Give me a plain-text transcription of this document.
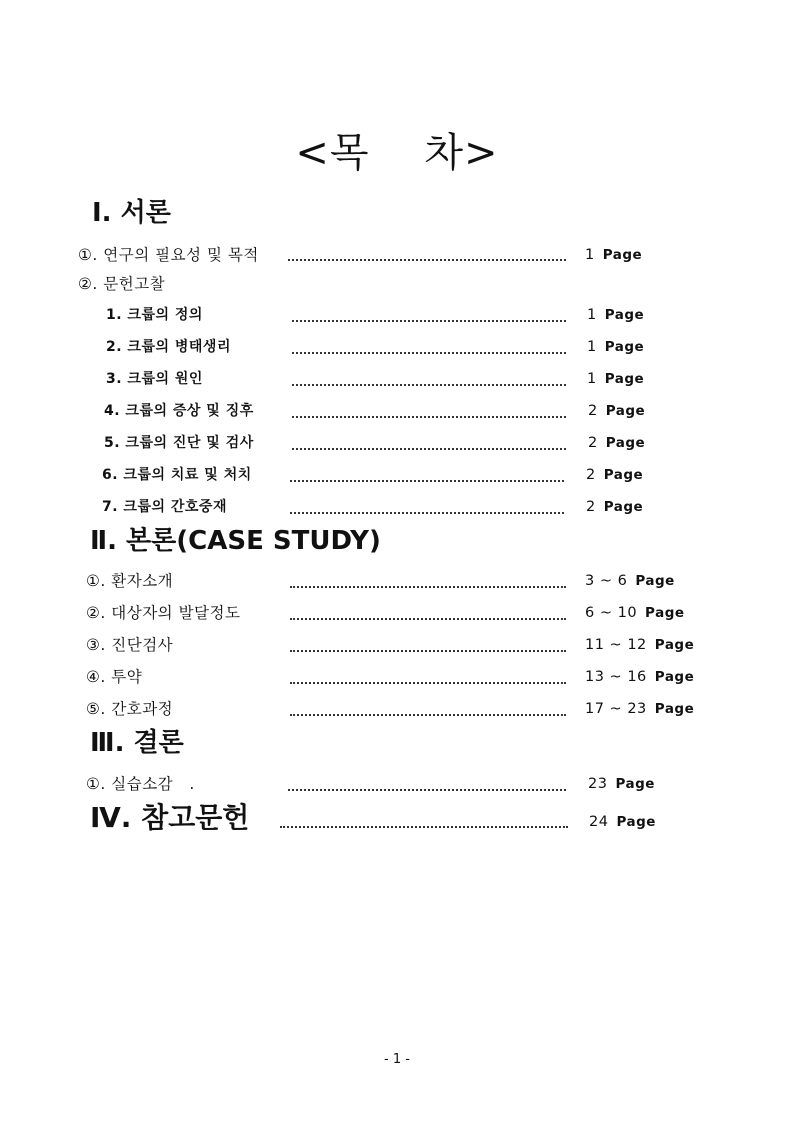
<목    차>
Ⅰ. 서론
①. 연구의 필요성 및 목적	1 Page
②. 문헌고찰
1. 크룹의 정의	1 Page
2. 크룹의 병태생리	1 Page
3. 크룹의 원인	1 Page
4. 크룹의 증상 및 징후	2 Page
5. 크룹의 진단 및 검사	2 Page
6. 크룹의 치료 및 처치	2 Page
7. 크룹의 간호중재	2 Page
Ⅱ. 본론(CASE STUDY)
①. 환자소개	3 ~ 6 Page
②. 대상자의 발달정도	6 ~ 10 Page
③. 진단검사	11 ~ 12 Page
④. 투약	13 ~ 16 Page
⑤. 간호과정	17 ~ 23 Page
Ⅲ. 결론
①. 실습소감   .	23 Page
Ⅳ. 참고문헌	24 Page
- 1 -
